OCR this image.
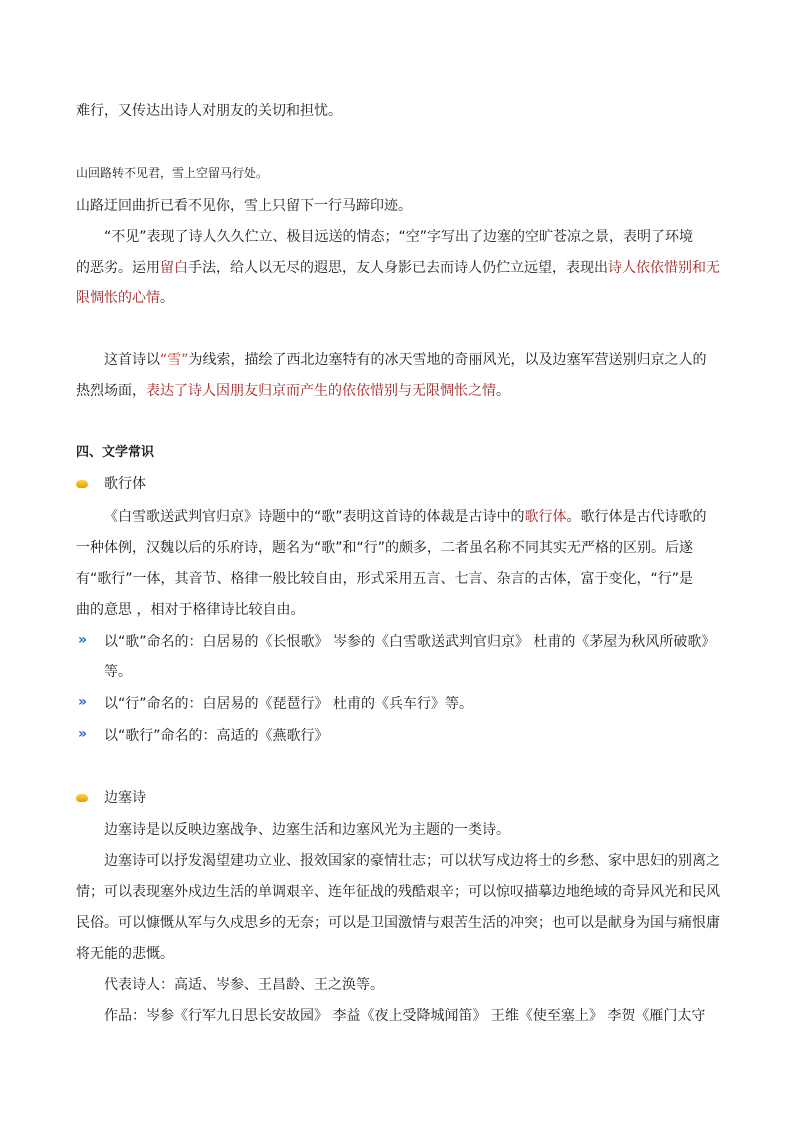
难行，又传达出诗人对朋友的关切和担忧。
山回路转不见君，雪上空留马行处。
山路迂回曲折已看不见你，雪上只留下一行马蹄印迹。
“不见”表现了诗人久久伫立、极目远送的情态；“空”字写出了边塞的空旷苍凉之景，表明了环境
的恶劣。运用留白手法，给人以无尽的遐思，友人身影已去而诗人仍伫立远望，表现出诗人依依惜别和无
限惆怅的心情。
这首诗以“雪”为线索，描绘了西北边塞特有的冰天雪地的奇丽风光，以及边塞军营送别归京之人的
热烈场面，表达了诗人因朋友归京而产生的依依惜别与无限惆怅之情。
四、文学常识
歌行体
《白雪歌送武判官归京》诗题中的“歌”表明这首诗的体裁是古诗中的歌行体。歌行体是古代诗歌的
一种体例，汉魏以后的乐府诗，题名为“歌”和“行”的颇多，二者虽名称不同其实无严格的区别。后遂
有“歌行”一体，其音节、格律一般比较自由，形式采用五言、七言、杂言的古体，富于变化，“行”是
曲的意思 ，相对于格律诗比较自由。
» 以“歌”命名的：白居易的《长恨歌》 岑参的《白雪歌送武判官归京》 杜甫的《茅屋为秋风所破歌》
等。
» 以“行”命名的：白居易的《琵琶行》 杜甫的《兵车行》等。
» 以“歌行”命名的：高适的《燕歌行》
边塞诗
边塞诗是以反映边塞战争、边塞生活和边塞风光为主题的一类诗。
边塞诗可以抒发渴望建功立业、报效国家的豪情壮志；可以状写戍边将士的乡愁、家中思妇的别离之
情；可以表现塞外戍边生活的单调艰辛、连年征战的残酷艰辛；可以惊叹描摹边地绝域的奇异风光和民风
民俗。可以慷慨从军与久戍思乡的无奈；可以是卫国激情与艰苦生活的冲突；也可以是献身为国与痛恨庸
将无能的悲慨。
代表诗人：高适、岑参、王昌龄、王之涣等。
作品：岑参《行军九日思长安故园》 李益《夜上受降城闻笛》 王维《使至塞上》 李贺《雁门太守
